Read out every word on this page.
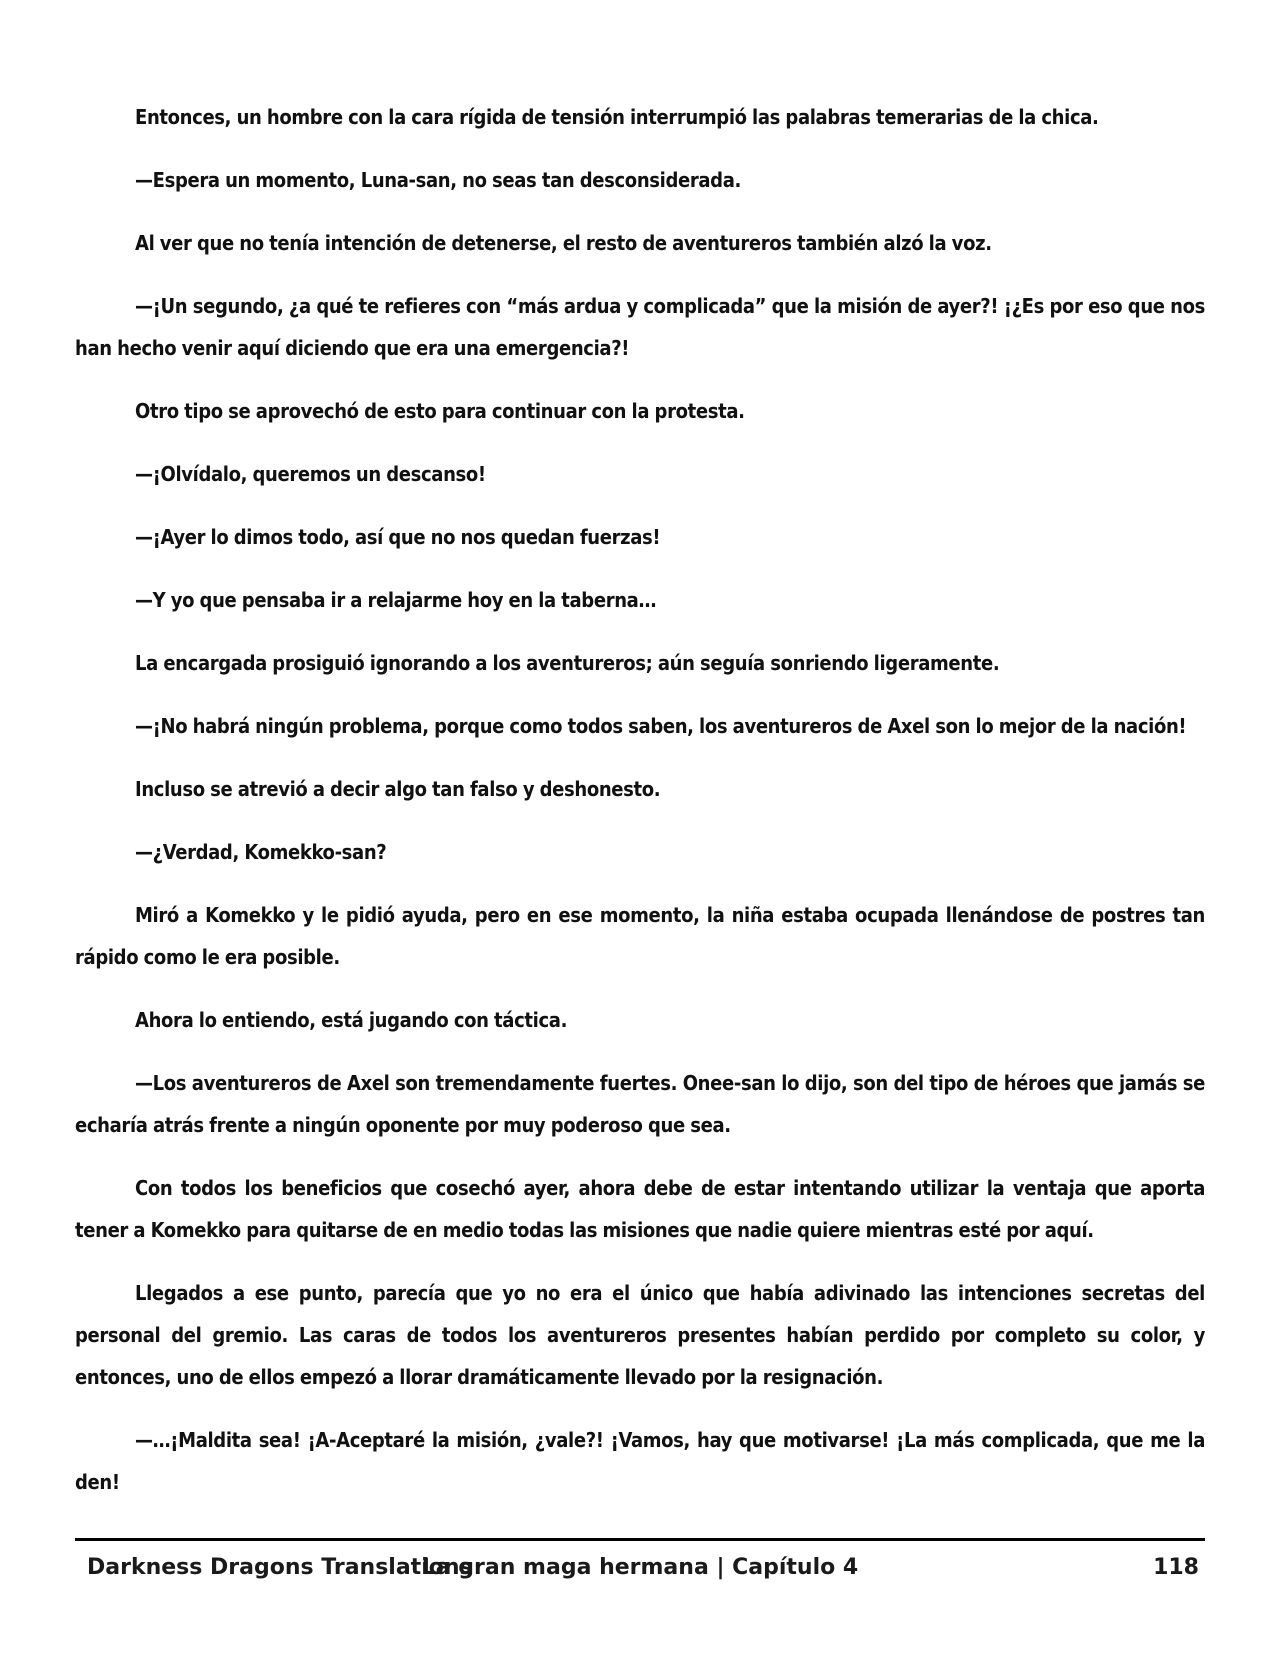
Entonces, un hombre con la cara rígida de tensión interrumpió las palabras temerarias de la chica.

—Espera un momento, Luna-san, no seas tan desconsiderada.

Al ver que no tenía intención de detenerse, el resto de aventureros también alzó la voz.

—¡Un segundo, ¿a qué te refieres con “más ardua y complicada” que la misión de ayer?! ¡¿Es por eso que nos han hecho venir aquí diciendo que era una emergencia?!

Otro tipo se aprovechó de esto para continuar con la protesta.

—¡Olvídalo, queremos un descanso!

—¡Ayer lo dimos todo, así que no nos quedan fuerzas!

—Y yo que pensaba ir a relajarme hoy en la taberna…

La encargada prosiguió ignorando a los aventureros; aún seguía sonriendo ligeramente.

—¡No habrá ningún problema, porque como todos saben, los aventureros de Axel son lo mejor de la nación!

Incluso se atrevió a decir algo tan falso y deshonesto.

—¿Verdad, Komekko-san?

Miró a Komekko y le pidió ayuda, pero en ese momento, la niña estaba ocupada llenándose de postres tan rápido como le era posible.

Ahora lo entiendo, está jugando con táctica.

—Los aventureros de Axel son tremendamente fuertes. Onee-san lo dijo, son del tipo de héroes que jamás se echaría atrás frente a ningún oponente por muy poderoso que sea.

Con todos los beneficios que cosechó ayer, ahora debe de estar intentando utilizar la ventaja que aporta tener a Komekko para quitarse de en medio todas las misiones que nadie quiere mientras esté por aquí.

Llegados a ese punto, parecía que yo no era el único que había adivinado las intenciones secretas del personal del gremio. Las caras de todos los aventureros presentes habían perdido por completo su color, y entonces, uno de ellos empezó a llorar dramáticamente llevado por la resignación.

—…¡Maldita sea! ¡A-Aceptaré la misión, ¿vale?! ¡Vamos, hay que motivarse! ¡La más complicada, que me la den!

Darkness Dragons Translations
La gran maga hermana | Capítulo 4	118
